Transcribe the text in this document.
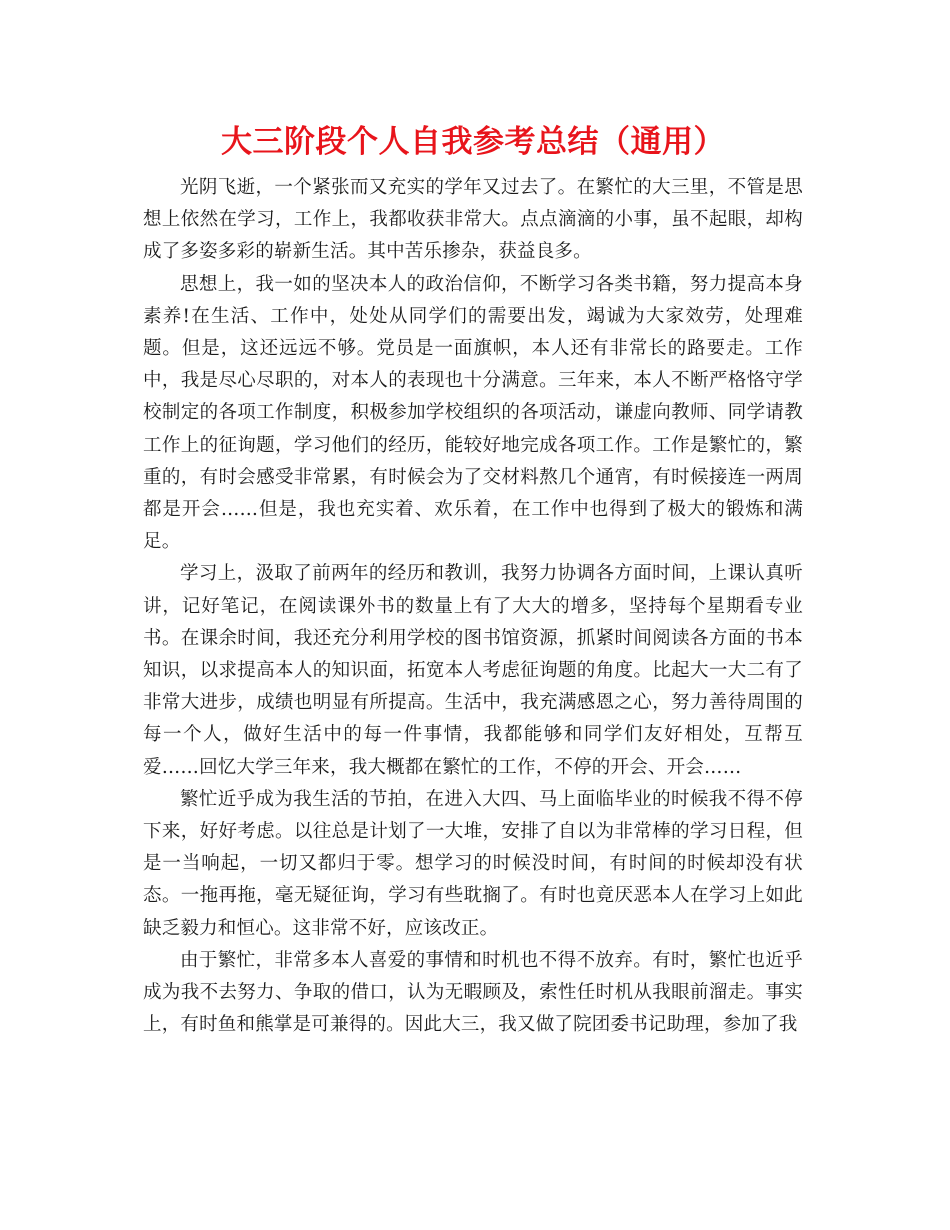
大三阶段个人自我参考总结（通用）

光阴飞逝，一个紧张而又充实的学年又过去了。在繁忙的大三里，不管是思想上依然在学习，工作上，我都收获非常大。点点滴滴的小事，虽不起眼，却构成了多姿多彩的崭新生活。其中苦乐掺杂，获益良多。

思想上，我一如的坚决本人的政治信仰，不断学习各类书籍，努力提高本身素养!在生活、工作中，处处从同学们的需要出发，竭诚为大家效劳，处理难题。但是，这还远远不够。党员是一面旗帜，本人还有非常长的路要走。工作中，我是尽心尽职的，对本人的表现也十分满意。三年来，本人不断严格恪守学校制定的各项工作制度，积极参加学校组织的各项活动，谦虚向教师、同学请教工作上的征询题，学习他们的经历，能较好地完成各项工作。工作是繁忙的，繁重的，有时会感受非常累，有时候会为了交材料熬几个通宵，有时候接连一两周都是开会……但是，我也充实着、欢乐着，在工作中也得到了极大的锻炼和满足。

学习上，汲取了前两年的经历和教训，我努力协调各方面时间，上课认真听讲，记好笔记，在阅读课外书的数量上有了大大的增多，坚持每个星期看专业书。在课余时间，我还充分利用学校的图书馆资源，抓紧时间阅读各方面的书本知识，以求提高本人的知识面，拓宽本人考虑征询题的角度。比起大一大二有了非常大进步，成绩也明显有所提高。生活中，我充满感恩之心，努力善待周围的每一个人，做好生活中的每一件事情，我都能够和同学们友好相处，互帮互爱……回忆大学三年来，我大概都在繁忙的工作，不停的开会、开会……

繁忙近乎成为我生活的节拍，在进入大四、马上面临毕业的时候我不得不停下来，好好考虑。以往总是计划了一大堆，安排了自以为非常棒的学习日程，但是一当响起，一切又都归于零。想学习的时候没时间，有时间的时候却没有状态。一拖再拖，毫无疑征询，学习有些耽搁了。有时也竟厌恶本人在学习上如此缺乏毅力和恒心。这非常不好，应该改正。

由于繁忙，非常多本人喜爱的事情和时机也不得不放弃。有时，繁忙也近乎成为我不去努力、争取的借口，认为无暇顾及，索性任时机从我眼前溜走。事实上，有时鱼和熊掌是可兼得的。因此大三，我又做了院团委书记助理，参加了我
